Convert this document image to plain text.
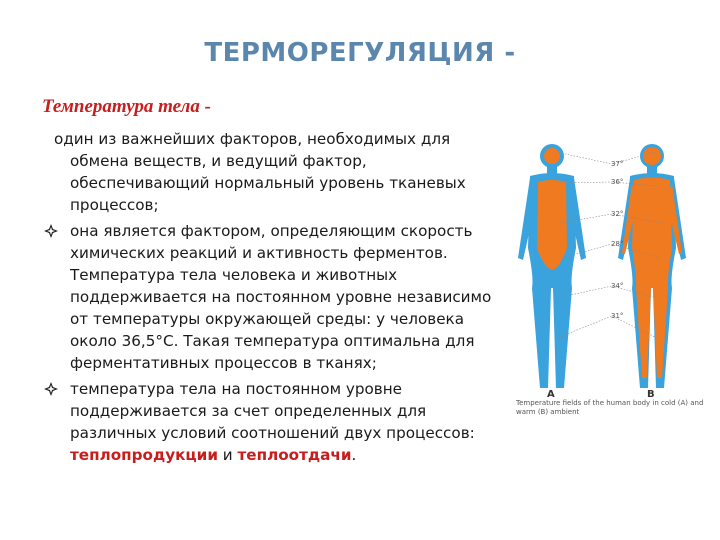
ТЕРМОРЕГУЛЯЦИЯ -
Температура тела -

один из важнейших факторов, необходимых для обмена веществ, и ведущий фактор, обеспечивающий нормальный уровень тканевых процессов;

она является фактором, определяющим скорость химических реакций и активность ферментов. Температура тела человека и животных поддерживается на постоянном уровне независимо от температуры окружающей среды: у человека около 36,5°С. Такая температура оптимальна для ферментативных процессов в тканях;
температура тела на постоянном уровне поддерживается за счет определенных для различных условий соотношений двух процессов: теплопродукции и теплоотдачи.
37°
36°
32°
28°
34°
31°
A	B
Temperature fields of the human body in cold (A) and warm (B) ambient
